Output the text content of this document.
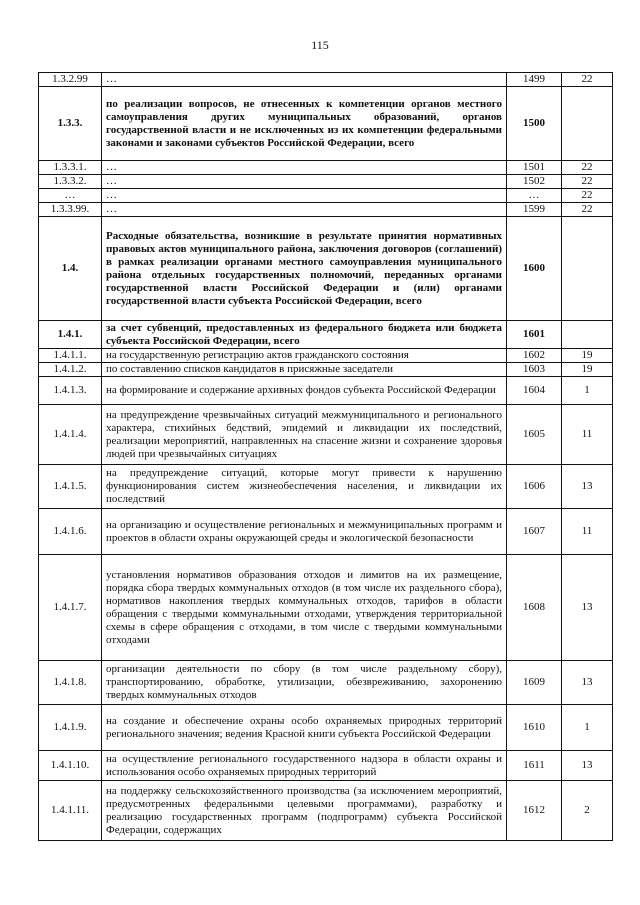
115
1.3.2.99	…	1499	22
1.3.3.	по реализации вопросов, не отнесенных к компетенции органов местного самоуправления других муниципальных образований, органов государственной власти и не исключенных из их компетенции федеральными законами и законами субъектов Российской Федерации, всего	1500	
1.3.3.1.	…	1501	22
1.3.3.2.	…	1502	22
…	…	…	22
1.3.3.99.	…	1599	22
1.4.	Расходные обязательства, возникшие в результате принятия нормативных правовых актов муниципального района, заключения договоров (соглашений) в рамках реализации органами местного самоуправления муниципального района отдельных государственных полномочий, переданных органами государственной власти Российской Федерации и (или) органами государственной власти субъекта Российской Федерации, всего	1600	
1.4.1.	за счет субвенций, предоставленных из федерального бюджета или бюджета субъекта Российской Федерации, всего	1601	
1.4.1.1.	на государственную регистрацию актов гражданского состояния	1602	19
1.4.1.2.	по составлению списков кандидатов в присяжные заседатели	1603	19
1.4.1.3.	на формирование и содержание архивных фондов субъекта Российской Федерации	1604	1
1.4.1.4.	на предупреждение чрезвычайных ситуаций межмуниципального и регионального характера, стихийных бедствий, эпидемий и ликвидации их последствий, реализации мероприятий, направленных на спасение жизни и сохранение здоровья людей при чрезвычайных ситуациях	1605	11
1.4.1.5.	на предупреждение ситуаций, которые могут привести к нарушению функционирования систем жизнеобеспечения населения, и ликвидации их последствий	1606	13
1.4.1.6.	на организацию и осуществление региональных и межмуниципальных программ и проектов в области охраны окружающей среды и экологической безопасности	1607	11
1.4.1.7.	установления нормативов образования отходов и лимитов на их размещение, порядка сбора твердых коммунальных отходов (в том числе их раздельного сбора), нормативов накопления твердых коммунальных отходов, тарифов в области обращения с твердыми коммунальными отходами, утверждения территориальной схемы в сфере обращения с отходами, в том числе с твердыми коммунальными отходами	1608	13
1.4.1.8.	организации деятельности по сбору (в том числе раздельному сбору), транспортированию, обработке, утилизации, обезвреживанию, захоронению твердых коммунальных отходов	1609	13
1.4.1.9.	на создание и обеспечение охраны особо охраняемых природных территорий регионального значения; ведения Красной книги субъекта Российской Федерации	1610	1
1.4.1.10.	на осуществление регионального государственного надзора в области охраны и использования особо охраняемых природных территорий	1611	13
1.4.1.11.	на поддержку сельскохозяйственного производства (за исключением мероприятий, предусмотренных федеральными целевыми программами), разработку и реализацию государственных программ (подпрограмм) субъекта Российской Федерации, содержащих	1612	2
